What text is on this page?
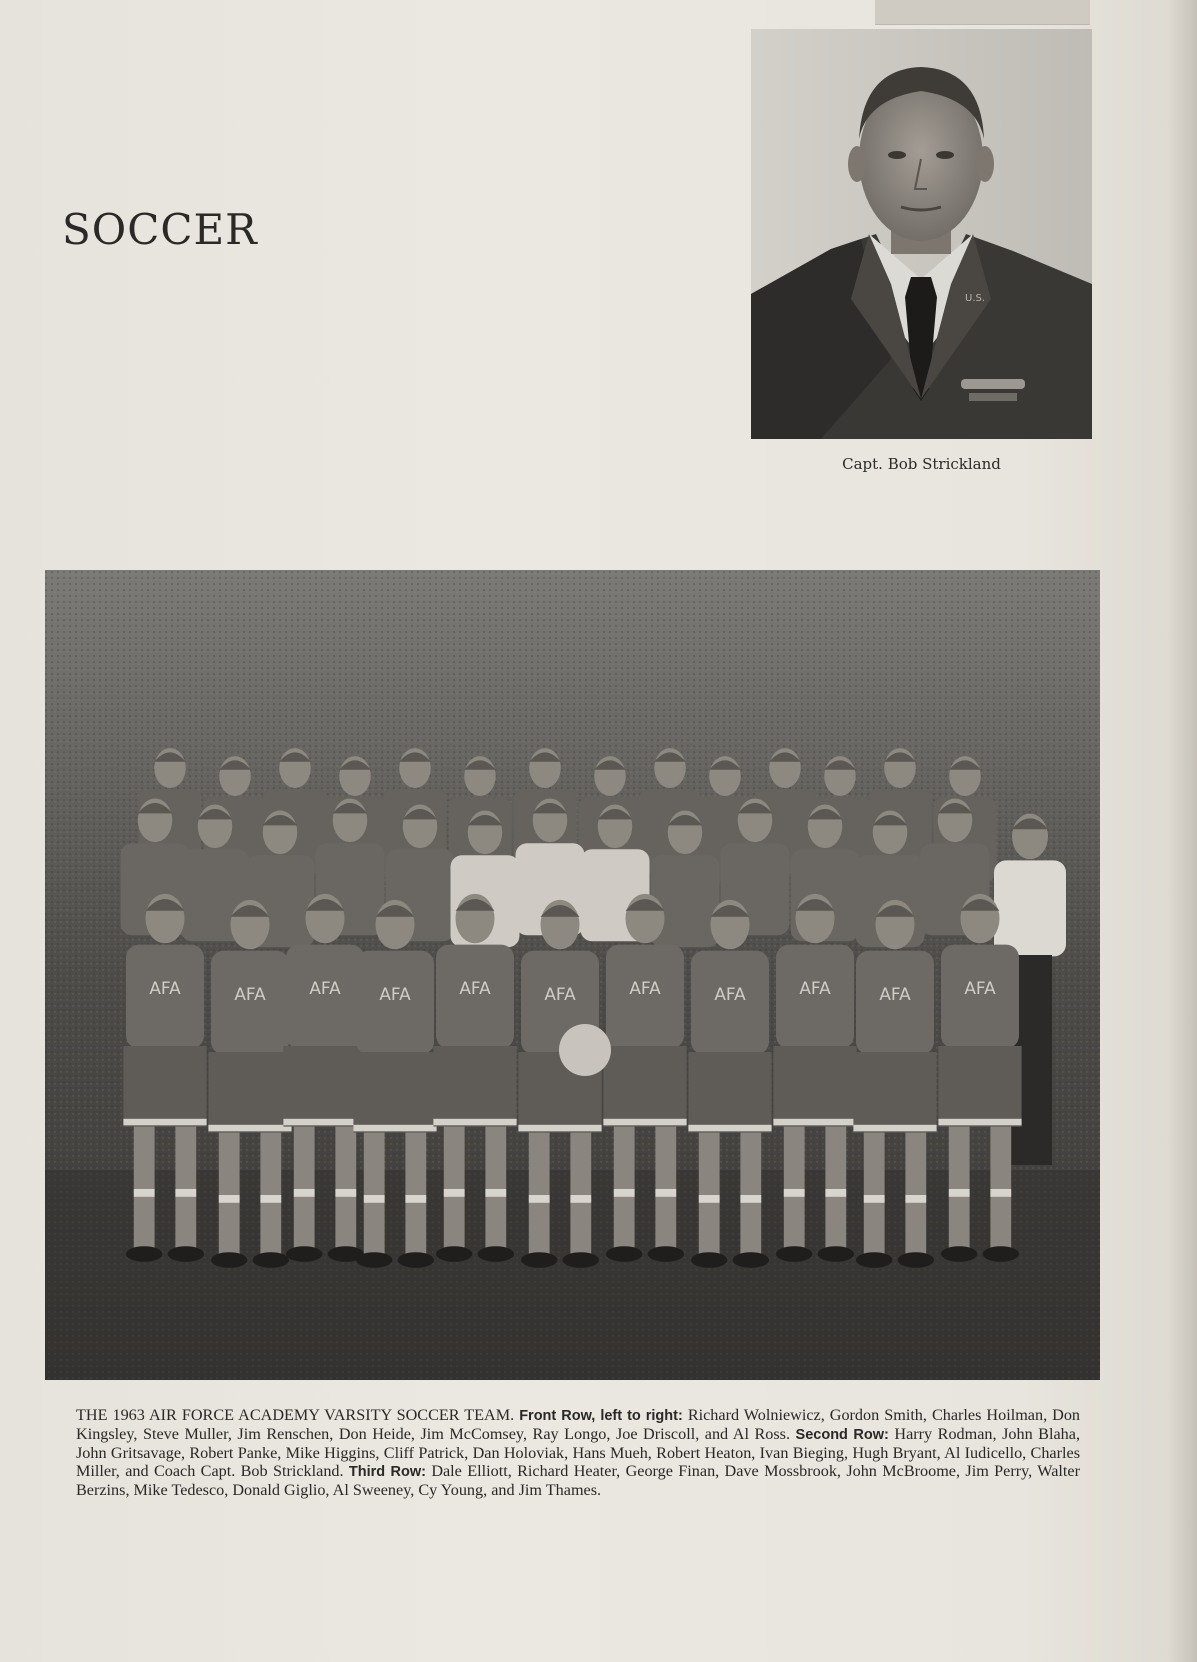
SOCCER
U.S.
Capt. Bob Strickland
AFA	AFA	AFA AFA	AFA	AFA	AFA	AFA	AFA	AFA	AFA
THE 1963 AIR FORCE ACADEMY VARSITY SOCCER TEAM. Front Row, left to right: Richard Wolniewicz, Gordon Smith, Charles Hoilman, Don Kingsley, Steve Muller, Jim Renschen, Don Heide, Jim McComsey, Ray Longo, Joe Driscoll, and Al Ross. Second Row: Harry Rodman, John Blaha, John Gritsavage, Robert Panke, Mike Higgins, Cliff Patrick, Dan Holoviak, Hans Mueh, Robert Heaton, Ivan Bieging, Hugh Bryant, Al Iudicello, Charles Miller, and Coach Capt. Bob Strickland. Third Row: Dale Elliott, Richard Heater, George Finan, Dave Mossbrook, John McBroome, Jim Perry, Walter Berzins, Mike Tedesco, Donald Giglio, Al Sweeney, Cy Young, and Jim Thames.
